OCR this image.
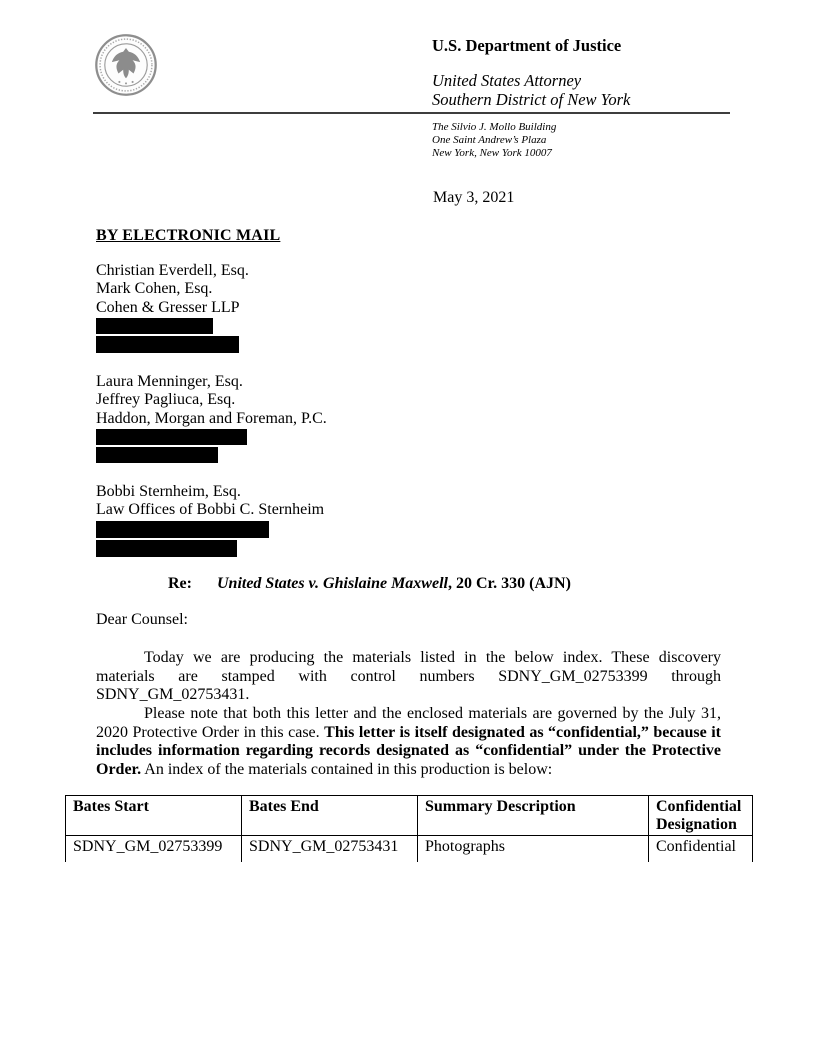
U.S. Department of Justice
United States Attorney
Southern District of New York
The Silvio J. Mollo Building
One Saint Andrew’s Plaza
New York, New York 10007
May 3, 2021
BY ELECTRONIC MAIL
Christian Everdell, Esq.
Mark Cohen, Esq.
Cohen & Gresser LLP
Laura Menninger, Esq.
Jeffrey Pagliuca, Esq.
Haddon, Morgan and Foreman, P.C.
Bobbi Sternheim, Esq.
Law Offices of Bobbi C. Sternheim
Re: United States v. Ghislaine Maxwell, 20 Cr. 330 (AJN)
Dear Counsel:
Today we are producing the materials listed in the below index. These discovery materials are stamped with control numbers SDNY_GM_02753399 through SDNY_GM_02753431.
Please note that both this letter and the enclosed materials are governed by the July 31, 2020 Protective Order in this case. This letter is itself designated as “confidential,” because it includes information regarding records designated as “confidential” under the Protective Order. An index of the materials contained in this production is below:
Bates Start	Bates End	Summary Description	Confidential Designation
SDNY_GM_02753399	SDNY_GM_02753431	Photographs	Confidential
